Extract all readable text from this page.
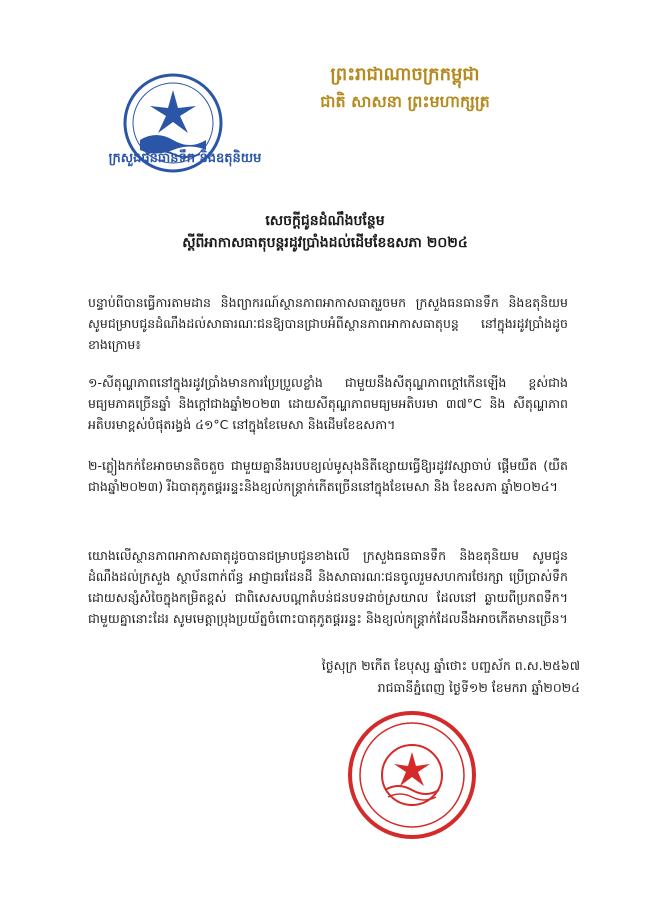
ក្រសួងធនធានទឹក និងឧតុនិយម
ព្រះរាជាណាចក្រកម្ពុជា
ជាតិ សាសនា ព្រះមហាក្សត្រ
សេចក្ដីជូនដំណឹងបន្ថែម
ស្ដីពីអាកាសធាតុបន្ដរដូវប្រាំងដល់ដើមខែឧសភា ២០២៤
បន្ទាប់ពីបានធ្វើការតាមដាន និងព្យាករណ៍ស្ថានភាពអាកាសធាតុរួចមក ក្រសួងធនធានទឹក និងឧតុនិយម សូមជម្រាបជូនដំណឹងដល់សាធារណៈជនឱ្យបានជ្រាបអំពីស្ថានភាពអាកាសធាតុបន្ត នៅក្នុងរដូវប្រាំងដូចខាងក្រោម៖
១-សីតុណ្ហភាពនៅក្នុងរដូវប្រាំងមានការប្រែប្រួលខ្លាំង ជាមួយនឹងសីតុណ្ហភាពក្ដៅកើនឡើង ខ្ពស់ជាងមធ្យមភាគច្រើនឆ្នាំ និងក្ដៅជាងឆ្នាំ២០២៣ ដោយសីតុណ្ហភាពមធ្យមអតិបរមា ៣៧°C និង សីតុណ្ហភាពអតិបរមាខ្ពស់បំផុតរង្វង់ ៤១°C នៅក្នុងខែមេសា និងដើមខែឧសភា។
២-ភ្លៀងកក់ខែអាចមានតិចតួច ជាមួយគ្នានឹងរបបខ្យល់មូសុងនិតីខ្សោយធ្វើឱ្យរដូវវស្សាចាប់ ផ្ដើមយឺត (យឺតជាងឆ្នាំ២០២៣) រីឯបាតុភូតផ្គររន្ទះនិងខ្យល់កន្ត្រាក់កើតច្រើននៅក្នុងខែមេសា និង ខែឧសភា ឆ្នាំ២០២៤។
យោងលើស្ថានភាពអាកាសធាតុដូចបានជម្រាបជូនខាងលើ ក្រសួងធនធានទឹក និងឧតុនិយម សូមជូនដំណឹងដល់ក្រសួង ស្ថាប័នពាក់ព័ន្ធ អាជ្ញាធរដែនដី និងសាធារណៈជនចូលរួមសហការថែរក្សា ប្រើប្រាស់ទឹកដោយសន្សំសំចៃក្នុងកម្រិតខ្ពស់ ជាពិសេសបណ្ដាតំបន់ជនបទដាច់ស្រយាល ដែលនៅ ឆ្ងាយពីប្រភពទឹក។ ជាមួយគ្នានោះដែរ សូមមេត្តាប្រុងប្រយ័ត្នចំពោះបាតុភូតផ្គររន្ទះ និងខ្យល់កន្ត្រាក់ដែលនឹងអាចកើតមានច្រើន។
ថ្ងៃសុក្រ ២កើត ខែបុស្ស ឆ្នាំថោះ បញ្ចស័ក ព.ស.២៥៦៧
រាជធានីភ្នំពេញ ថ្ងៃទី១២ ខែមករា ឆ្នាំ២០២៤
